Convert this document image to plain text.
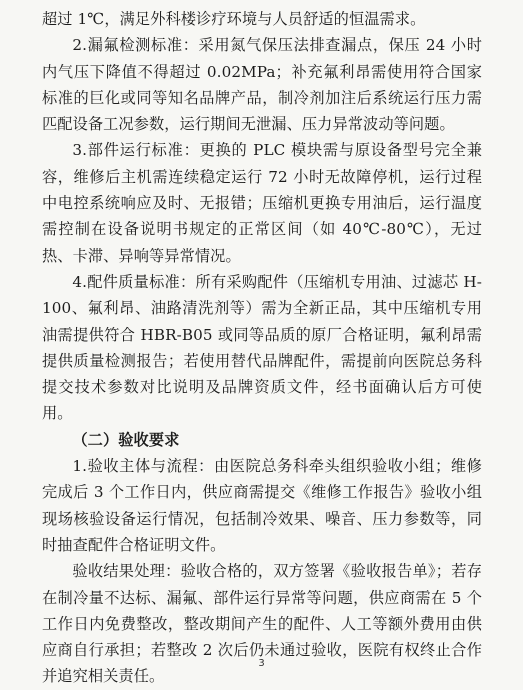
超过 1℃，满足外科楼诊疗环境与人员舒适的恒温需求。

2.漏氟检测标准：采用氮气保压法排查漏点，保压 24 小时内气压下降值不得超过 0.02MPa；补充氟利昂需使用符合国家标准的巨化或同等知名品牌产品，制冷剂加注后系统运行压力需匹配设备工况参数，运行期间无泄漏、压力异常波动等问题。

3.部件运行标准：更换的 PLC 模块需与原设备型号完全兼容，维修后主机需连续稳定运行 72 小时无故障停机，运行过程中电控系统响应及时、无报错；压缩机更换专用油后，运行温度需控制在设备说明书规定的正常区间（如 40℃-80℃），无过热、卡滞、异响等异常情况。

4.配件质量标准：所有采购配件（压缩机专用油、过滤芯 H-100、氟利昂、油路清洗剂等）需为全新正品，其中压缩机专用油需提供符合 HBR-B05 或同等品质的原厂合格证明，氟利昂需提供质量检测报告；若使用替代品牌配件，需提前向医院总务科提交技术参数对比说明及品牌资质文件，经书面确认后方可使用。

（二）验收要求

1.验收主体与流程：由医院总务科牵头组织验收小组；维修完成后 3 个工作日内，供应商需提交《维修工作报告》验收小组现场核验设备运行情况，包括制冷效果、噪音、压力参数等，同时抽查配件合格证明文件。

验收结果处理：验收合格的，双方签署《验收报告单》；若存在制冷量不达标、漏氟、部件运行异常等问题，供应商需在 5 个工作日内免费整改，整改期间产生的配件、人工等额外费用由供应商自行承担；若整改 2 次后仍未通过验收，医院有权终止合作并追究相关责任。

3
